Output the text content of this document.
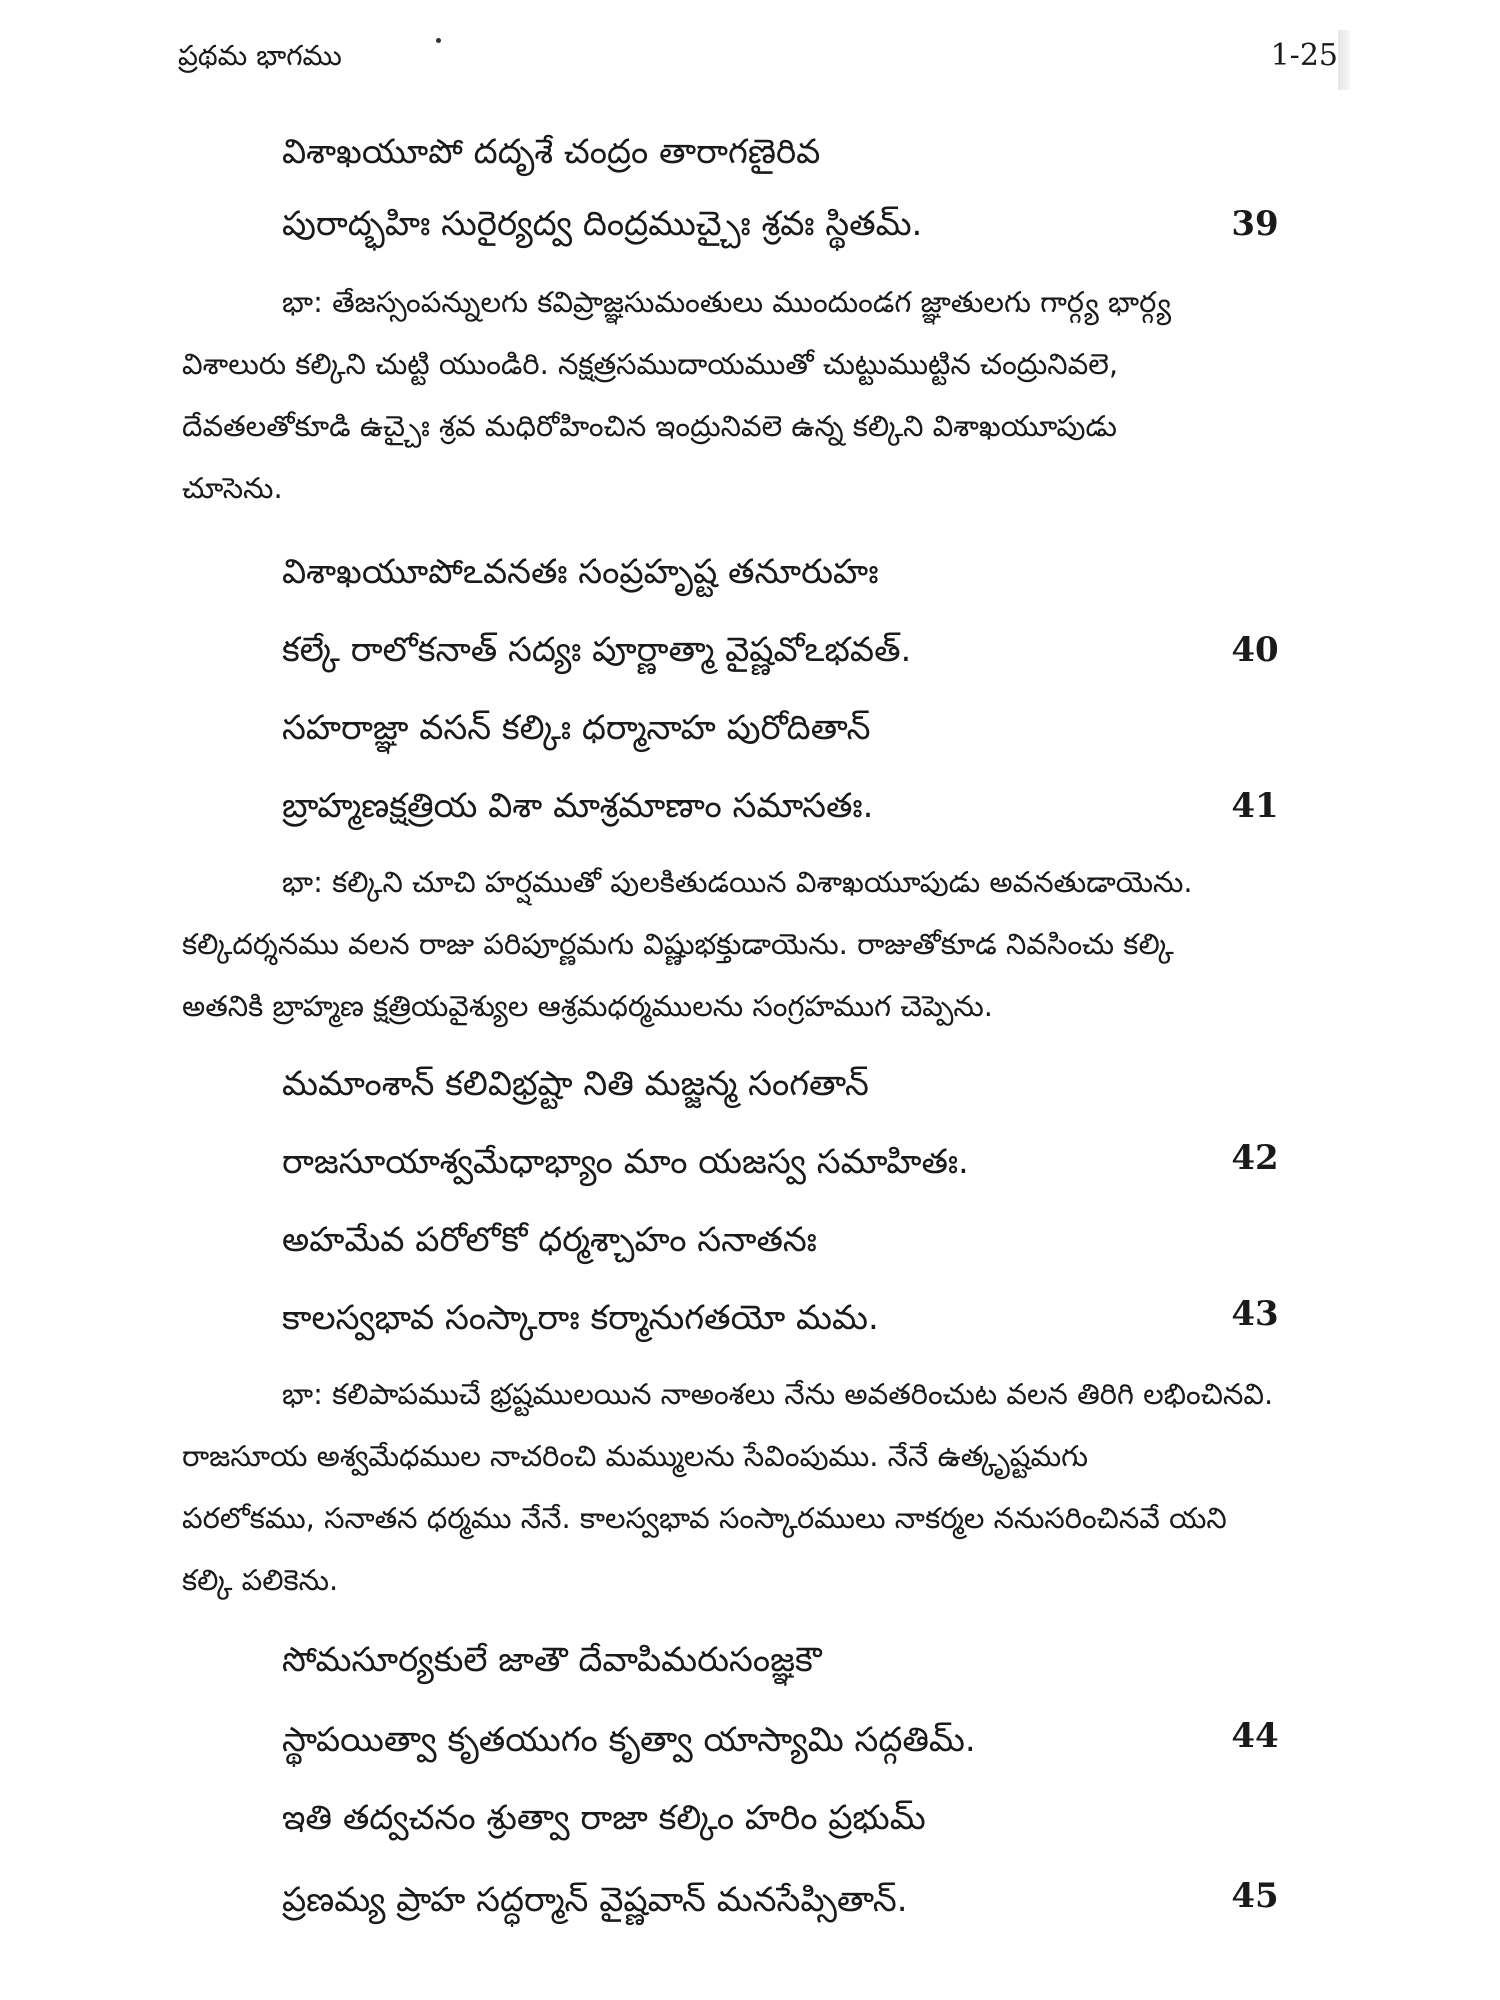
ప్రథమ భాగము	1-25
విశాఖయూపో దదృశే చంద్రం తారాగణైరివ
పురాద్భహిః సురైర్యద్వ దింద్రముచ్చైః శ్రవః స్థితమ్.	39
భా: తేజస్సంపన్నులగు కవిప్రాజ్ఞసుమంతులు ముందుండగ జ్ఞాతులగు గార్గ్య భార్గ్య
విశాలురు కల్కిని చుట్టి యుండిరి. నక్షత్రసముదాయముతో చుట్టుముట్టిన చంద్రునివలె,
దేవతలతోకూడి ఉచ్చైః శ్రవ మధిరోహించిన ఇంద్రునివలె ఉన్న కల్కిని విశాఖయూపుడు
చూసెను.
విశాఖయూపోఽవనతః సంప్రహృష్ట తనూరుహః
కల్కే రాలోకనాత్ సద్యః పూర్ణాత్మా వైష్ణవోఽభవత్.	40
సహరాజ్ఞా వసన్ కల్కిః ధర్మానాహ పురోదితాన్
బ్రాహ్మణక్షత్రియ విశా మాశ్రమాణాం సమాసతః.	41
భా: కల్కిని చూచి హర్షముతో పులకితుడయిన విశాఖయూపుడు అవనతుడాయెను.
కల్కిదర్శనము వలన రాజు పరిపూర్ణమగు విష్ణుభక్తుడాయెను. రాజుతోకూడ నివసించు కల్కి
అతనికి బ్రాహ్మణ క్షత్రియవైశ్యుల ఆశ్రమధర్మములను సంగ్రహముగ చెప్పెను.
మమాంశాన్ కలివిభ్రష్టా నితి మజ్జన్మ సంగతాన్
రాజసూయాశ్వమేధాభ్యాం మాం యజస్వ సమాహితః.	42
అహమేవ పరోలోకో ధర్మశ్చాహం సనాతనః
కాలస్వభావ సంస్కారాః కర్మానుగతయో మమ.	43
భా: కలిపాపముచే భ్రష్టములయిన నాఅంశలు నేను అవతరించుట వలన తిరిగి లభించినవి.
రాజసూయ అశ్వమేధముల నాచరించి మమ్ములను సేవింపుము. నేనే ఉత్కృష్టమగు
పరలోకము, సనాతన ధర్మము నేనే. కాలస్వభావ సంస్కారములు నాకర్మల ననుసరించినవే యని
కల్కి పలికెను.
సోమసూర్యకులే జాతౌ దేవాపిమరుసంజ్ఞకౌ
స్థాపయిత్వా కృతయుగం కృత్వా యాస్యామి సద్గతిమ్.	44
ఇతి తద్వచనం శ్రుత్వా రాజా కల్కిం హరిం ప్రభుమ్
ప్రణమ్య ప్రాహ సద్ధర్మాన్ వైష్ణవాన్ మనసేప్సితాన్.	45
